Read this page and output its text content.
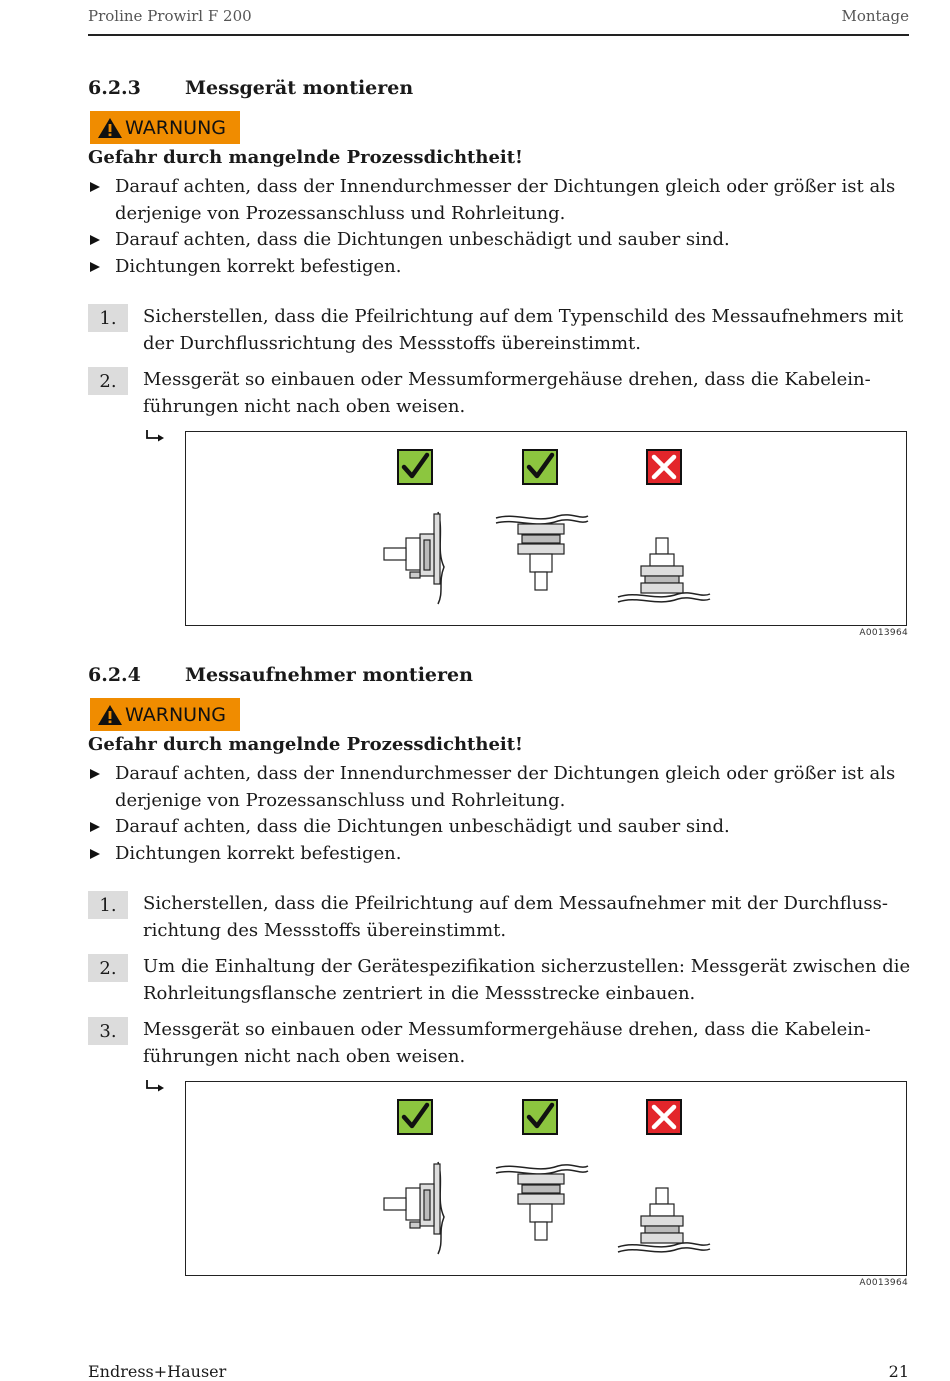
Proline Prowirl F 200	Montage
6.2.3 Messgerät montieren
WARNUNG
Gefahr durch mangelnde Prozessdichtheit!
Darauf achten, dass der Innendurchmesser der Dichtungen gleich oder größer ist als derjenige von Prozessanschluss und Rohrleitung.
Darauf achten, dass die Dichtungen unbeschädigt und sauber sind.
Dichtungen korrekt befestigen.
1.	Sicherstellen, dass die Pfeilrichtung auf dem Typenschild des Messaufnehmers mit der Durchflussrichtung des Messstoffs übereinstimmt.
2.	Messgerät so einbauen oder Messumformergehäuse drehen, dass die Kabeleinführungen nicht nach oben weisen.
A0013964
6.2.4 Messaufnehmer montieren
WARNUNG
Gefahr durch mangelnde Prozessdichtheit!
Darauf achten, dass der Innendurchmesser der Dichtungen gleich oder größer ist als derjenige von Prozessanschluss und Rohrleitung.
Darauf achten, dass die Dichtungen unbeschädigt und sauber sind.
Dichtungen korrekt befestigen.
1.	Sicherstellen, dass die Pfeilrichtung auf dem Messaufnehmer mit der Durchflussrichtung des Messstoffs übereinstimmt.
2.	Um die Einhaltung der Gerätespezifikation sicherzustellen: Messgerät zwischen die Rohrleitungsflansche zentriert in die Messstrecke einbauen.
3.	Messgerät so einbauen oder Messumformergehäuse drehen, dass die Kabeleinführungen nicht nach oben weisen.
A0013964
Endress+Hauser	21
